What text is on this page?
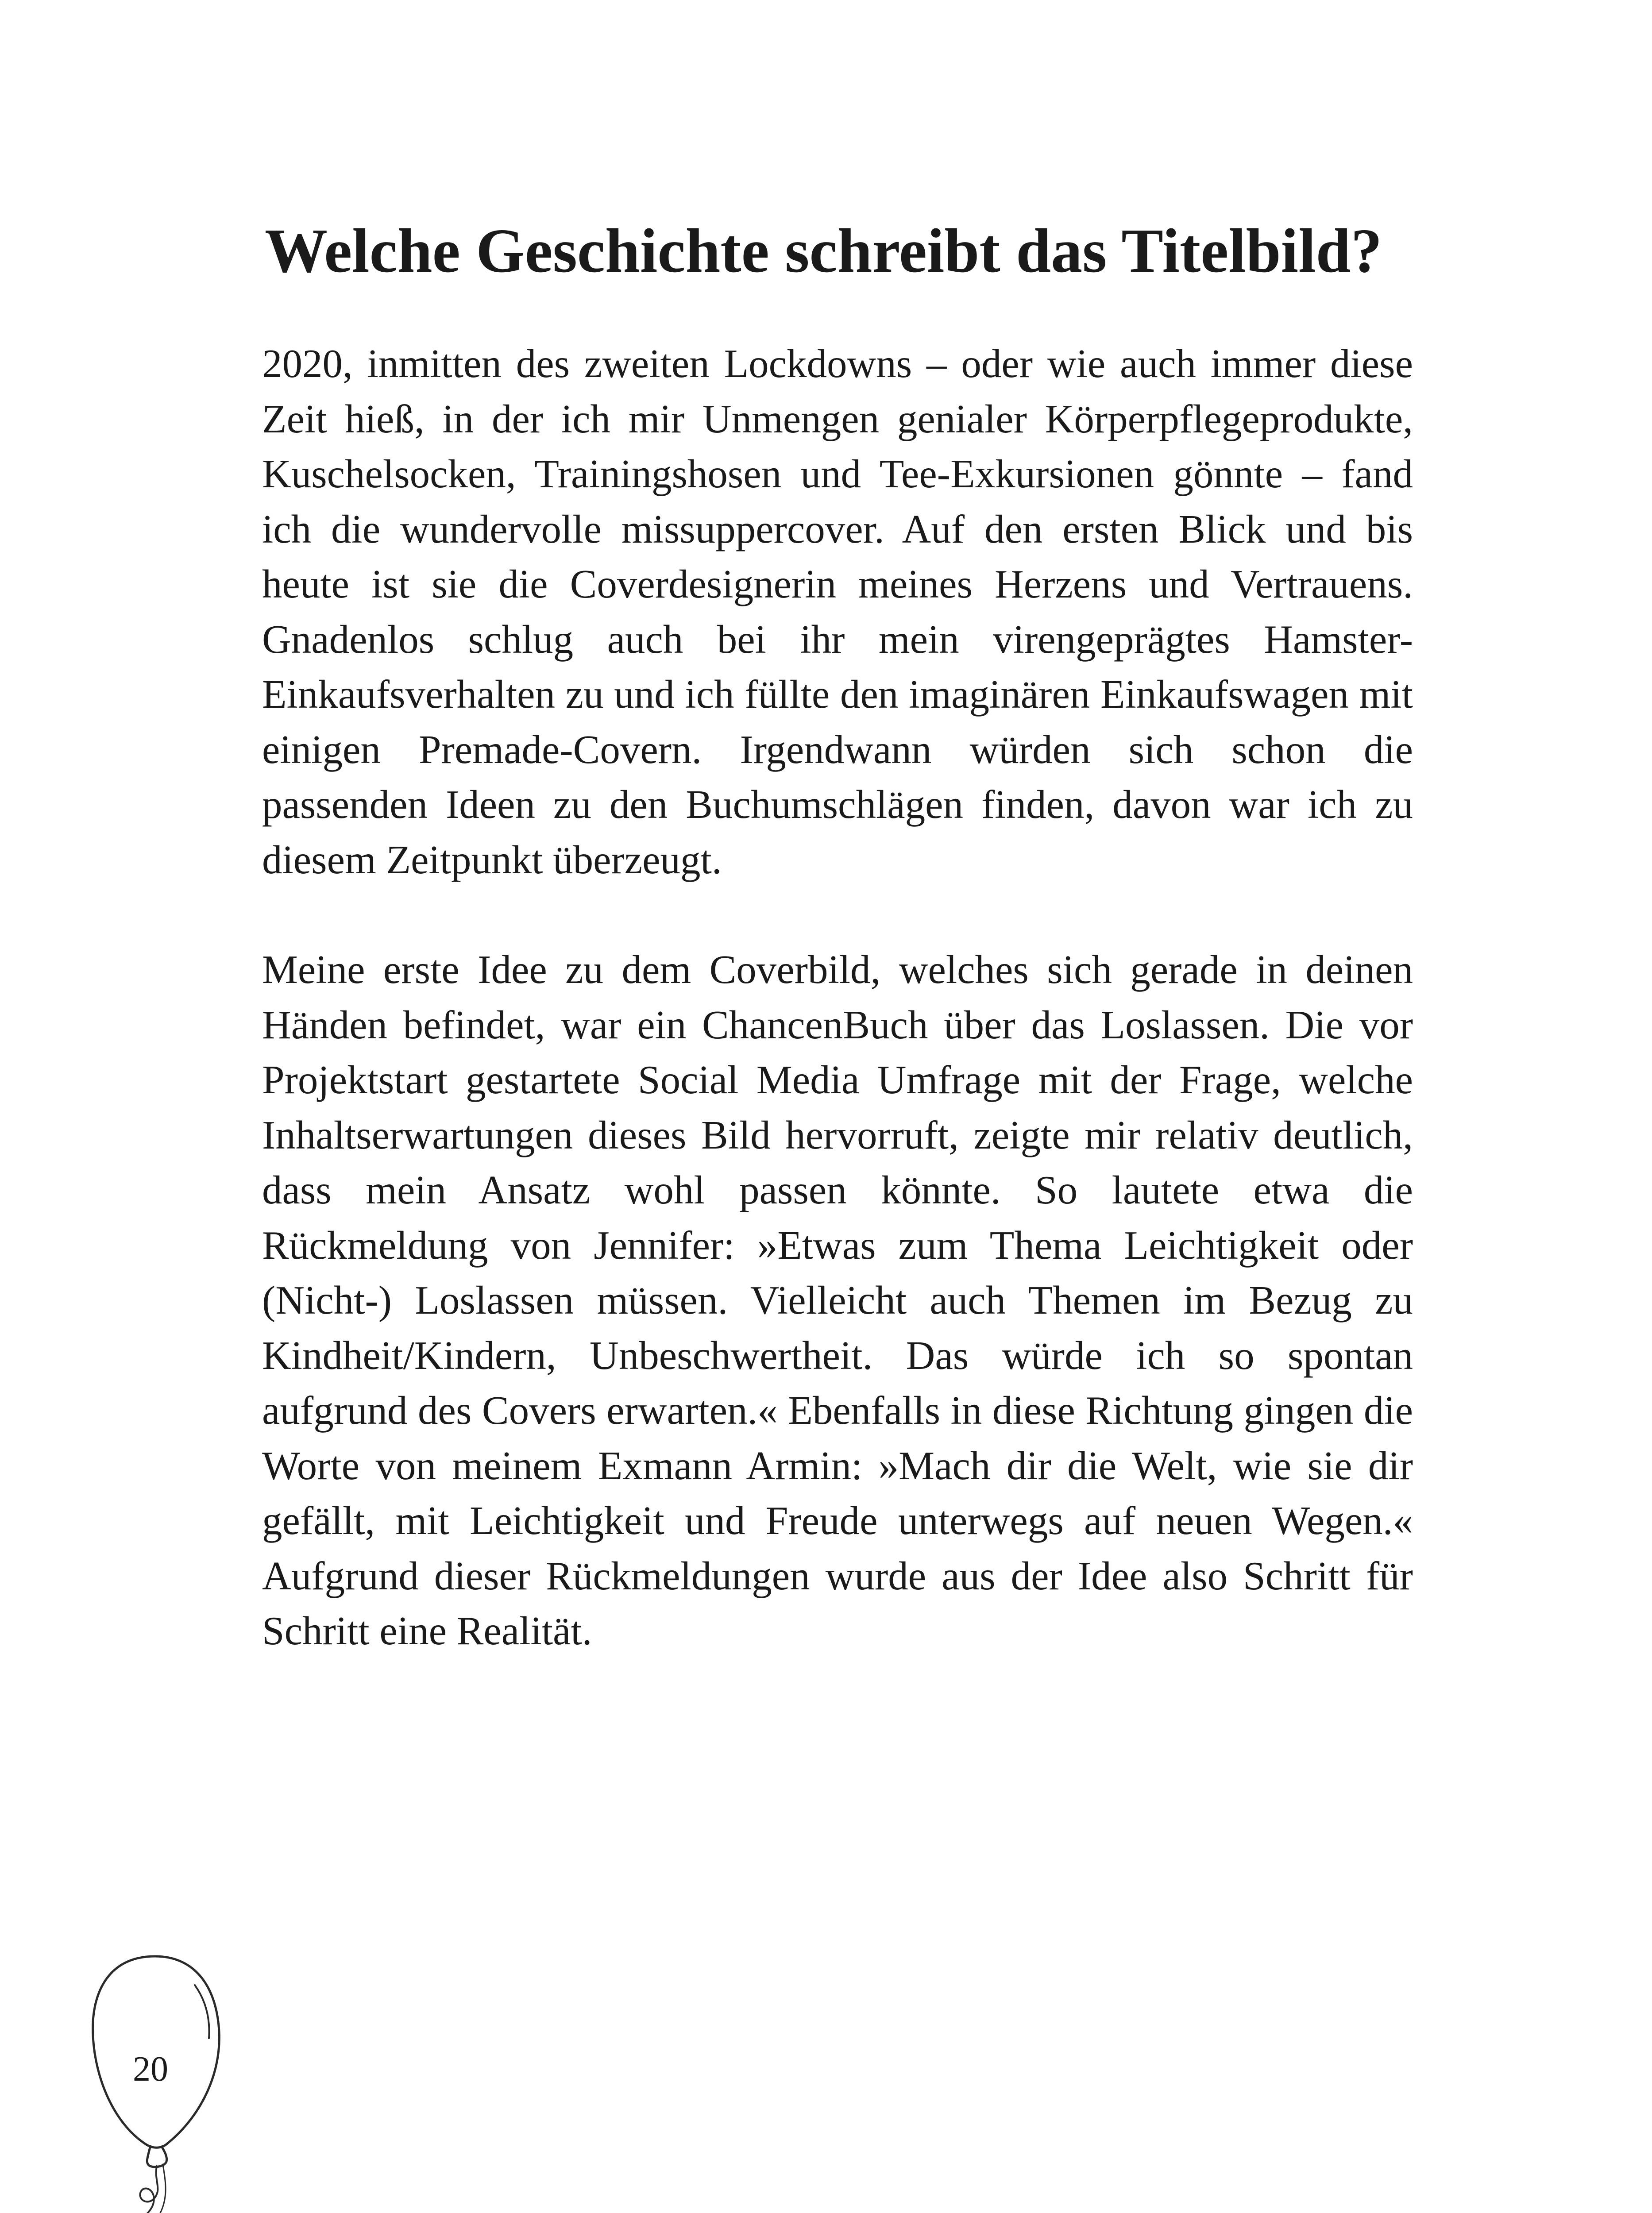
Welche Geschichte schreibt das Titelbild?

2020, inmitten des zweiten Lockdowns – oder wie auch immer diese Zeit hieß, in der ich mir Unmengen genialer Körperpflegeprodukte, Kuschelsocken, Trainingshosen und Tee-Exkursionen gönnte – fand ich die wundervolle missuppercover. Auf den ersten Blick und bis heute ist sie die Coverdesignerin meines Herzens und Vertrauens. Gnadenlos schlug auch bei ihr mein virengeprägtes Hamster-Einkaufsverhalten zu und ich füllte den imaginären Einkaufswagen mit einigen Premade-Covern. Irgendwann würden sich schon die passenden Ideen zu den Buchumschlägen finden, davon war ich zu diesem Zeitpunkt überzeugt.

Meine erste Idee zu dem Coverbild, welches sich gerade in deinen Händen befindet, war ein ChancenBuch über das Loslassen. Die vor Projektstart gestartete Social Media Umfrage mit der Frage, welche Inhaltserwartungen dieses Bild hervorruft, zeigte mir relativ deutlich, dass mein Ansatz wohl passen könnte. So lautete etwa die Rückmeldung von Jennifer: »Etwas zum Thema Leichtigkeit oder (Nicht-) Loslassen müssen. Vielleicht auch Themen im Bezug zu Kindheit/Kindern, Unbeschwertheit. Das würde ich so spontan aufgrund des Covers erwarten.« Ebenfalls in diese Richtung gingen die Worte von meinem Exmann Armin: »Mach dir die Welt, wie sie dir gefällt, mit Leichtigkeit und Freude unterwegs auf neuen Wegen.« Aufgrund dieser Rückmeldungen wurde aus der Idee also Schritt für Schritt eine Realität.

20
